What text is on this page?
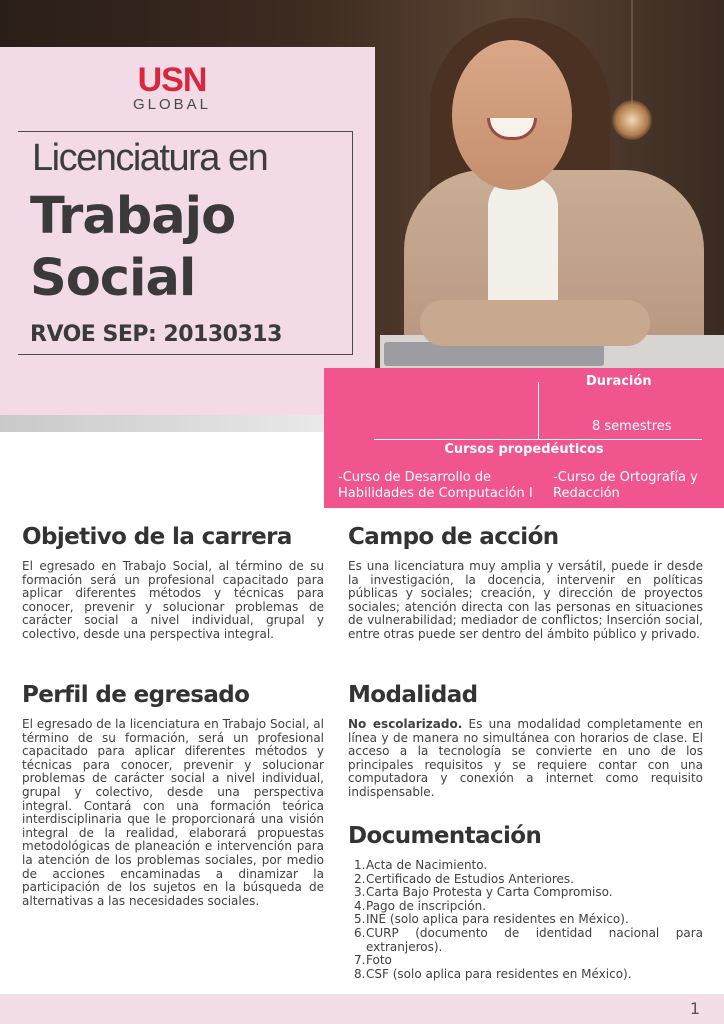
USN
GLOBAL
Licenciatura en
Trabajo
Social
RVOE SEP: 20130313
Duración
8 semestres
Cursos propedéuticos
-Curso de Desarrollo de Habilidades de Computación I
-Curso de Ortografía y Redacción
Objetivo de la carrera

El egresado en Trabajo Social, al término de su formación será un profesional capacitado para aplicar diferentes métodos y técnicas para conocer, prevenir y solucionar problemas de carácter social a nivel individual, grupal y colectivo, desde una perspectiva integral.

Perfil de egresado

El egresado de la licenciatura en Trabajo Social, al término de su formación, será un profesional capacitado para aplicar diferentes métodos y técnicas para conocer, prevenir y solucionar problemas de carácter social a nivel individual, grupal y colectivo, desde una perspectiva integral. Contará con una formación teórica interdisciplinaria que le proporcionará una visión integral de la realidad, elaborará propuestas metodológicas de planeación e intervención para la atención de los problemas sociales, por medio de acciones encaminadas a dinamizar la participación de los sujetos en la búsqueda de alternativas a las necesidades sociales.

Campo de acción

Es una licenciatura muy amplia y versátil, puede ir desde la investigación, la docencia, intervenir en políticas públicas y sociales; creación, y dirección de proyectos sociales; atención directa con las personas en situaciones de vulnerabilidad; mediador de conflictos; Inserción social, entre otras puede ser dentro del ámbito público y privado.

Modalidad

No escolarizado. Es una modalidad completamente en línea y de manera no simultánea con horarios de clase. El acceso a la tecnología se convierte en uno de los principales requisitos y se requiere contar con una computadora y conexión a internet como requisito indispensable.

Documentación
1. Acta de Nacimiento.
2. Certificado de Estudios Anteriores.
3. Carta Bajo Protesta y Carta Compromiso.
4. Pago de inscripción.
5. INE (solo aplica para residentes en México).
6. CURP (documento de identidad nacional para extranjeros).
7. Foto
8. CSF (solo aplica para residentes en México).
1
